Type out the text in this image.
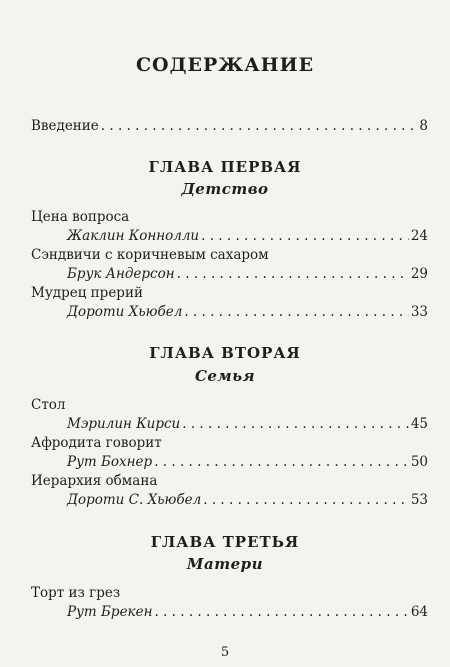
СОДЕРЖАНИЕ
Введение . . .	8
ГЛАВА ПЕРВАЯ
Детство
Цена вопроса
Жаклин Коннолли . . .	24
Сэндвичи с коричневым сахаром
Брук Андерсон . . .	29
Мудрец прерий
Дороти Хьюбел . . .	33
ГЛАВА ВТОРАЯ
Семья
Стол
Мэрилин Кирси . . .	45
Афродита говорит
Рут Бохнер . . .	50
Иерархия обмана
Дороти С. Хьюбел . . .	53
ГЛАВА ТРЕТЬЯ
Матери
Торт из грез
Рут Брекен . . .	64
5
